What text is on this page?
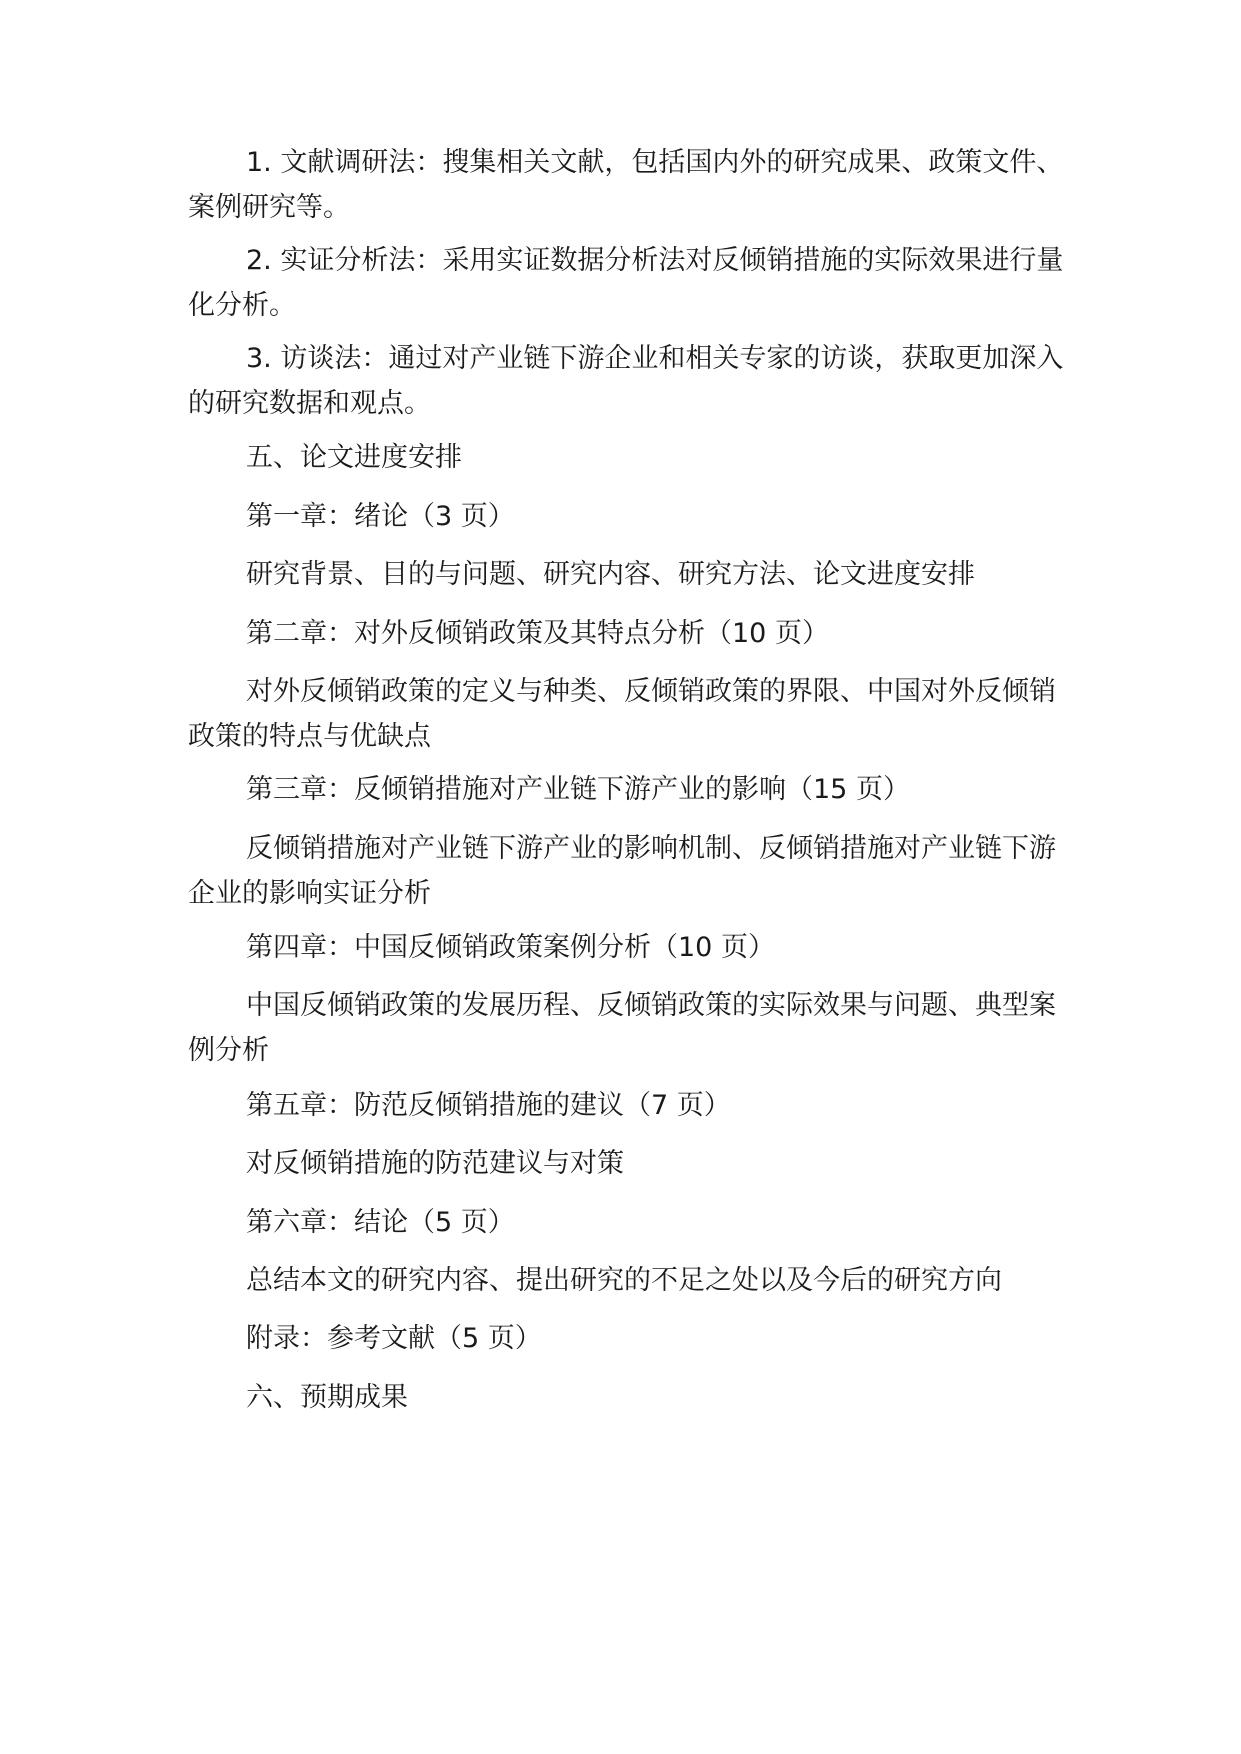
1. 文献调研法：搜集相关文献，包括国内外的研究成果、政策文件、案例研究等。

2. 实证分析法：采用实证数据分析法对反倾销措施的实际效果进行量化分析。

3. 访谈法：通过对产业链下游企业和相关专家的访谈，获取更加深入的研究数据和观点。

五、论文进度安排

第一章：绪论（3 页）

研究背景、目的与问题、研究内容、研究方法、论文进度安排

第二章：对外反倾销政策及其特点分析（10 页）

对外反倾销政策的定义与种类、反倾销政策的界限、中国对外反倾销政策的特点与优缺点

第三章：反倾销措施对产业链下游产业的影响（15 页）

反倾销措施对产业链下游产业的影响机制、反倾销措施对产业链下游企业的影响实证分析

第四章：中国反倾销政策案例分析（10 页）

中国反倾销政策的发展历程、反倾销政策的实际效果与问题、典型案例分析

第五章：防范反倾销措施的建议（7 页）

对反倾销措施的防范建议与对策

第六章：结论（5 页）

总结本文的研究内容、提出研究的不足之处以及今后的研究方向

附录：参考文献（5 页）

六、预期成果
